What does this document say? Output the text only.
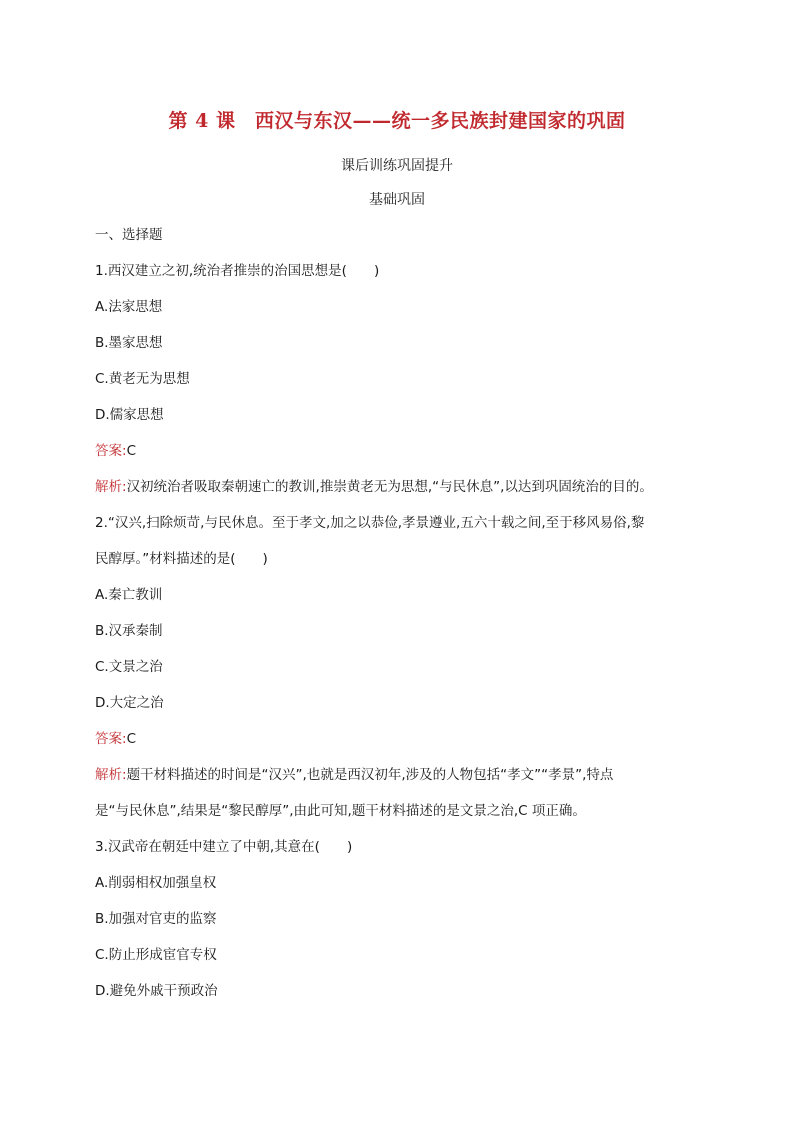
第 4 课　西汉与东汉——统一多民族封建国家的巩固
课后训练巩固提升
基础巩固
一、选择题
1.西汉建立之初,统治者推崇的治国思想是(　　)
A.法家思想
B.墨家思想
C.黄老无为思想
D.儒家思想
答案:C
解析:汉初统治者吸取秦朝速亡的教训,推崇黄老无为思想,“与民休息”,以达到巩固统治的目的。
2.“汉兴,扫除烦苛,与民休息。至于孝文,加之以恭俭,孝景遵业,五六十载之间,至于移风易俗,黎
民醇厚。”材料描述的是(　　)
A.秦亡教训
B.汉承秦制
C.文景之治
D.大定之治
答案:C
解析:题干材料描述的时间是“汉兴”,也就是西汉初年,涉及的人物包括“孝文”“孝景”,特点
是“与民休息”,结果是“黎民醇厚”,由此可知,题干材料描述的是文景之治,C 项正确。
3.汉武帝在朝廷中建立了中朝,其意在(　　)
A.削弱相权加强皇权
B.加强对官吏的监察
C.防止形成宦官专权
D.避免外戚干预政治
